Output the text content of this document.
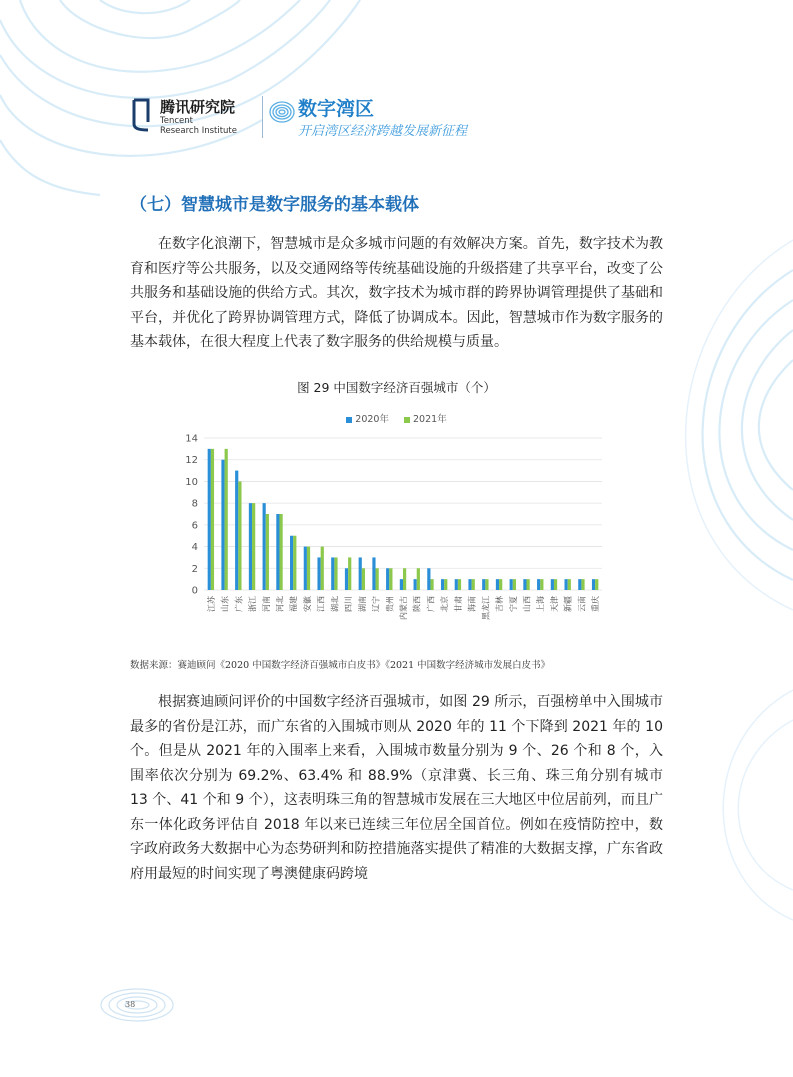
腾讯研究院
Tencent
Research Institute
数字湾区
开启湾区经济跨越发展新征程
（七）智慧城市是数字服务的基本载体

在数字化浪潮下，智慧城市是众多城市问题的有效解决方案。首先，数字技术为教育和医疗等公共服务，以及交通网络等传统基础设施的升级搭建了共享平台，改变了公共服务和基础设施的供给方式。其次，数字技术为城市群的跨界协调管理提供了基础和平台，并优化了跨界协调管理方式，降低了协调成本。因此，智慧城市作为数字服务的基本载体，在很大程度上代表了数字服务的供给规模与质量。

图 29 中国数字经济百强城市（个）
2020年	2021年
0
2
4
6
8
10
12
14
江苏 山东 广东 浙江 河南 河北 福建 安徽 江西 湖北 四川 湖南 辽宁 贵州 内蒙古 陕西 广西 北京 甘肃 海南 黑龙江 吉林 宁夏 山西 上海 天津 新疆 云南 重庆
数据来源：赛迪顾问《2020 中国数字经济百强城市白皮书》《2021 中国数字经济城市发展白皮书》

根据赛迪顾问评价的中国数字经济百强城市，如图 29 所示，百强榜单中入围城市最多的省份是江苏，而广东省的入围城市则从 2020 年的 11 个下降到 2021 年的 10 个。但是从 2021 年的入围率上来看，入围城市数量分别为 9 个、26 个和 8 个，入围率依次分别为 69.2%、63.4% 和 88.9%（京津冀、长三角、珠三角分别有城市 13 个、41 个和 9 个），这表明珠三角的智慧城市发展在三大地区中位居前列，而且广东一体化政务评估自 2018 年以来已连续三年位居全国首位。例如在疫情防控中，数字政府政务大数据中心为态势研判和防控措施落实提供了精准的大数据支撑，广东省政府用最短的时间实现了粤澳健康码跨境

38
